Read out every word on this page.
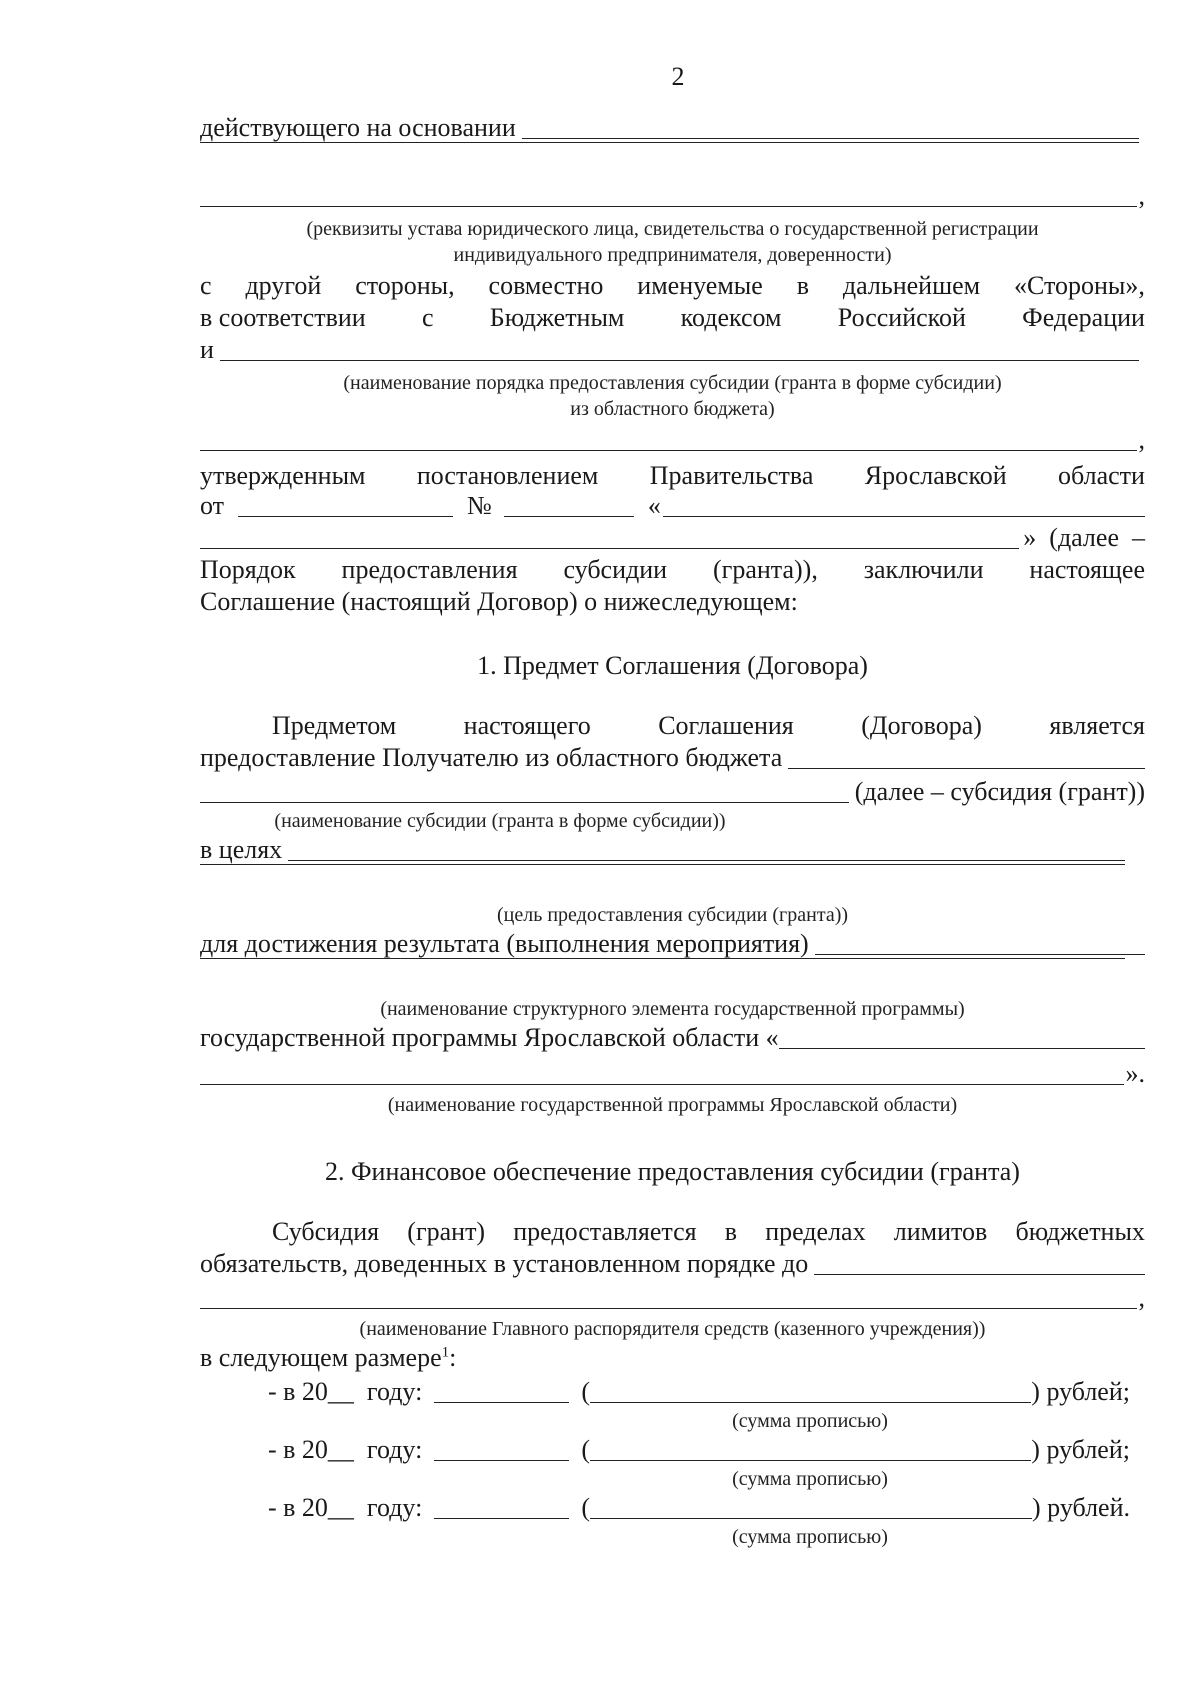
2
действующего на основании
,
(реквизиты устава юридического лица, свидетельства о государственной регистрации
индивидуального предпринимателя, доверенности)
с другой стороны, совместно именуемые в дальнейшем «Стороны»,
в соответствии с Бюджетным кодексом Российской Федерации
и
(наименование порядка предоставления субсидии (гранта в форме субсидии)
из областного бюджета)
,
утвержденным постановлением Правительства Ярославской области
от	№	«
»  (далее  –
Порядок предоставления субсидии (гранта)), заключили настоящее
Соглашение (настоящий Договор) о нижеследующем:
1. Предмет Соглашения (Договора)
Предметом	настоящего	Соглашения	(Договора)	является
предоставление Получателю из областного бюджета
(далее – субсидия (грант))
(наименование субсидии (гранта в форме субсидии))
в целях
(цель предоставления субсидии (гранта))
для достижения результата (выполнения мероприятия)
(наименование структурного элемента государственной программы)
государственной программы Ярославской области «
».
(наименование государственной программы Ярославской области)
2. Финансовое обеспечение предоставления субсидии (гранта)
Субсидия (грант) предоставляется в пределах лимитов бюджетных
обязательств, доведенных в установленном порядке до
,
(наименование Главного распорядителя средств (казенного учреждения))
в следующем размере$^1$:
- в 20__  году:	(	) рублей;
(сумма прописью)
- в 20__  году:	(	) рублей;
(сумма прописью)
- в 20__  году:	(	) рублей.
(сумма прописью)
